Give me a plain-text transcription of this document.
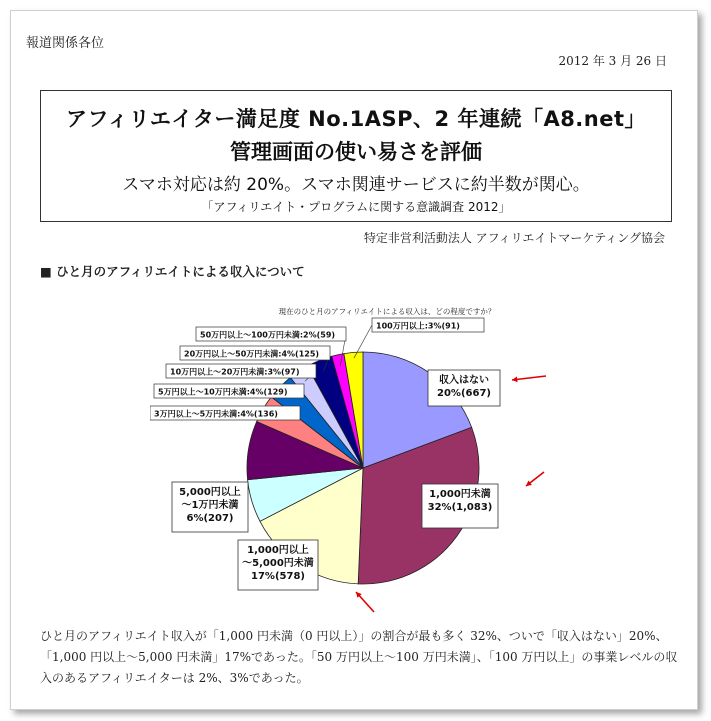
報道関係各位
2012 年 3 月 26 日
アフィリエイター満足度 No.1ASP、2 年連続「A8.net」
管理画面の使い易さを評価
スマホ対応は約 20%。スマホ関連サービスに約半数が関心。
「アフィリエイト・プログラムに関する意識調査 2012」
特定非営利活動法人 アフィリエイトマーケティング協会
■ ひと月のアフィリエイトによる収入について
現在のひと月のアフィリエイトによる収入は、どの程度ですか？
収入はない
20%(667)
1,000円未満
32%(1,083)
1,000円以上
～5,000円未満
17%(578)
5,000円以上
～1万円未満
6%(207)
50万円以上～100万円未満:2%(59)
20万円以上～50万円未満:4%(125)
10万円以上～20万円未満:3%(97)
5万円以上～10万円未満:4%(129)
3万円以上～5万円未満:4%(136)
100万円以上:3%(91)
ひと月のアフィリエイト収入が「1,000 円未満（0 円以上）」の割合が最も多く 32%、ついで「収入はない」20%、「1,000 円以上～5,000 円未満」17%であった。「50 万円以上～100 万円未満」、「100 万円以上」の事業レベルの収入のあるアフィリエイターは 2%、3%であった。
